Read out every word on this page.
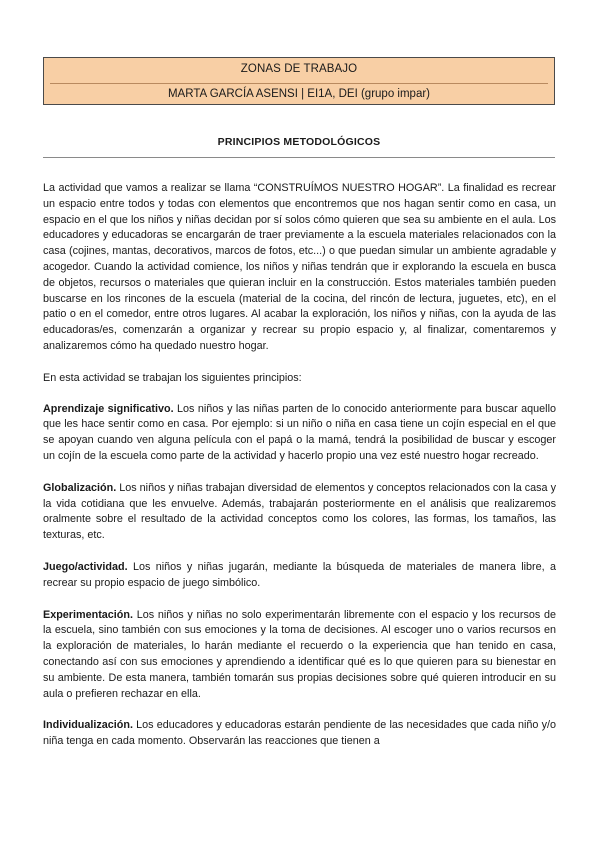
ZONAS DE TRABAJO
MARTA GARCÍA ASENSI | EI1A, DEI (grupo impar)
PRINCIPIOS METODOLÓGICOS

La actividad que vamos a realizar se llama “CONSTRUÍMOS NUESTRO HOGAR”. La finalidad es recrear un espacio entre todos y todas con elementos que encontremos que nos hagan sentir como en casa, un espacio en el que los niños y niñas decidan por sí solos cómo quieren que sea su ambiente en el aula. Los educadores y educadoras se encargarán de traer previamente a la escuela materiales relacionados con la casa (cojines, mantas, decorativos, marcos de fotos, etc...) o que puedan simular un ambiente agradable y acogedor. Cuando la actividad comience, los niños y niñas tendrán que ir explorando la escuela en busca de objetos, recursos o materiales que quieran incluir en la construcción. Estos materiales también pueden buscarse en los rincones de la escuela (material de la cocina, del rincón de lectura, juguetes, etc), en el patio o en el comedor, entre otros lugares. Al acabar la exploración, los niños y niñas, con la ayuda de las educadoras/es, comenzarán a organizar y recrear su propio espacio y, al finalizar, comentaremos y analizaremos cómo ha quedado nuestro hogar.

En esta actividad se trabajan los siguientes principios:

Aprendizaje significativo. Los niños y las niñas parten de lo conocido anteriormente para buscar aquello que les hace sentir como en casa. Por ejemplo: si un niño o niña en casa tiene un cojín especial en el que se apoyan cuando ven alguna película con el papá o la mamá, tendrá la posibilidad de buscar y escoger un cojín de la escuela como parte de la actividad y hacerlo propio una vez esté nuestro hogar recreado.

Globalización. Los niños y niñas trabajan diversidad de elementos y conceptos relacionados con la casa y la vida cotidiana que les envuelve. Además, trabajarán posteriormente en el análisis que realizaremos oralmente sobre el resultado de la actividad conceptos como los colores, las formas, los tamaños, las texturas, etc.

Juego/actividad. Los niños y niñas jugarán, mediante la búsqueda de materiales de manera libre, a recrear su propio espacio de juego simbólico.

Experimentación. Los niños y niñas no solo experimentarán libremente con el espacio y los recursos de la escuela, sino también con sus emociones y la toma de decisiones. Al escoger uno o varios recursos en la exploración de materiales, lo harán mediante el recuerdo o la experiencia que han tenido en casa, conectando así con sus emociones y aprendiendo a identificar qué es lo que quieren para su bienestar en su ambiente. De esta manera, también tomarán sus propias decisiones sobre qué quieren introducir en su aula o prefieren rechazar en ella.

Individualización. Los educadores y educadoras estarán pendiente de las necesidades que cada niño y/o niña tenga en cada momento. Observarán las reacciones que tienen a
